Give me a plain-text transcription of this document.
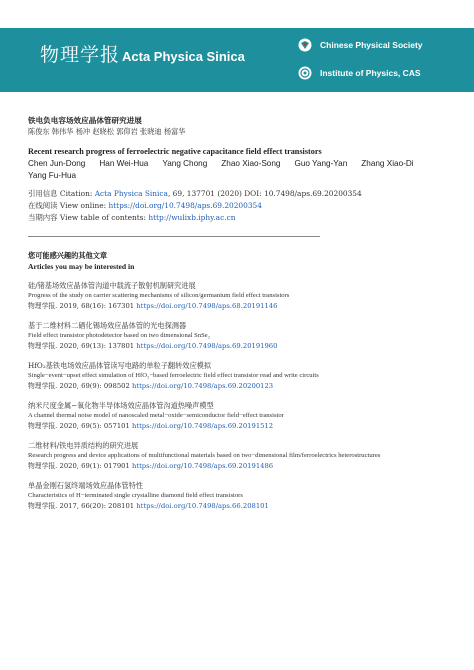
物理学报 Acta Physica Sinica
Chinese Physical Society
Institute of Physics, CAS

铁电负电容场效应晶体管研究进展

陈俊东 韩伟华 杨冲 赵晓松 郭仰岩 张晓迪 杨富华

Recent research progress of ferroelectric negative capacitance field effect transistors

Chen Jun-Dong Han Wei-Hua Yang Chong Zhao Xiao-Song Guo Yang-Yan Zhang Xiao-Di
Yang Fu-Hua

引用信息 Citation: Acta Physica Sinica, 69, 137701 (2020) DOI: 10.7498/aps.69.20200354

在线阅读 View online: https://doi.org/10.7498/aps.69.20200354

当期内容 View table of contents: http://wulixb.iphy.ac.cn

您可能感兴趣的其他文章

Articles you may be interested in

硅/锗基场效应晶体管沟道中载流子散射机制研究进展

Progress of the study on carrier scattering mechanisms of silicon/germanium field effect transistors

物理学报. 2019, 68(16): 167301 https://doi.org/10.7498/aps.68.20191146

基于二维材料二硒化锡场效应晶体管的光电探测器

Field effect transistor photodetector based on two dimensional SnSe₂

物理学报. 2020, 69(13): 137801 https://doi.org/10.7498/aps.69.20191960

HfO₂基铁电场效应晶体管读写电路的单粒子翻转效应模拟

Single−event−upset effect simulation of HfO₂−based ferroelectric field effect transistor read and write circuits

物理学报. 2020, 69(9): 098502 https://doi.org/10.7498/aps.69.20200123

纳米尺度金属−氧化物半导体场效应晶体管沟道热噪声模型

A channel thermal noise model of nanoscaled metal−oxide−semiconductor field−effect transistor

物理学报. 2020, 69(5): 057101 https://doi.org/10.7498/aps.69.20191512

二维材料/铁电异质结构的研究进展

Research progress and device applications of multifunctional materials based on two−dimensional film/ferroelectrics heterostructures

物理学报. 2020, 69(1): 017901 https://doi.org/10.7498/aps.69.20191486

单晶金刚石氢终端场效应晶体管特性

Characteristics of H−terminated single crystalline diamond field effect transistors

物理学报. 2017, 66(20): 208101 https://doi.org/10.7498/aps.66.208101
